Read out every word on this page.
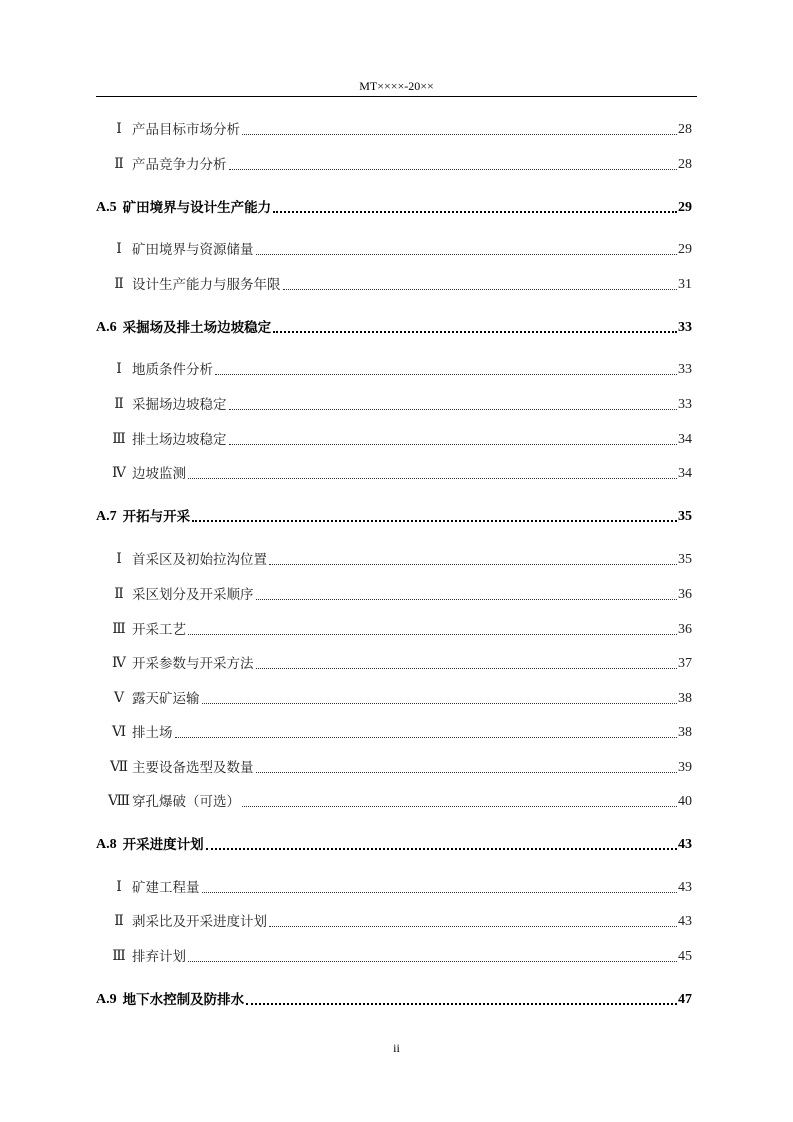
MT××××-20××
Ⅰ 产品目标市场分析	28
Ⅱ 产品竞争力分析	28
A.5 矿田境界与设计生产能力	29
Ⅰ 矿田境界与资源储量	29
Ⅱ 设计生产能力与服务年限	31
A.6 采掘场及排土场边坡稳定	33
Ⅰ 地质条件分析	33
Ⅱ 采掘场边坡稳定	33
Ⅲ 排土场边坡稳定	34
Ⅳ 边坡监测	34
A.7 开拓与开采	35
Ⅰ 首采区及初始拉沟位置	35
Ⅱ 采区划分及开采顺序	36
Ⅲ 开采工艺	36
Ⅳ 开采参数与开采方法	37
Ⅴ 露天矿运输	38
Ⅵ 排土场	38
Ⅶ 主要设备选型及数量	39
Ⅷ 穿孔爆破（可选）	40
A.8 开采进度计划	43
Ⅰ 矿建工程量	43
Ⅱ 剥采比及开采进度计划	43
Ⅲ 排弃计划	45
A.9 地下水控制及防排水	47
ii
